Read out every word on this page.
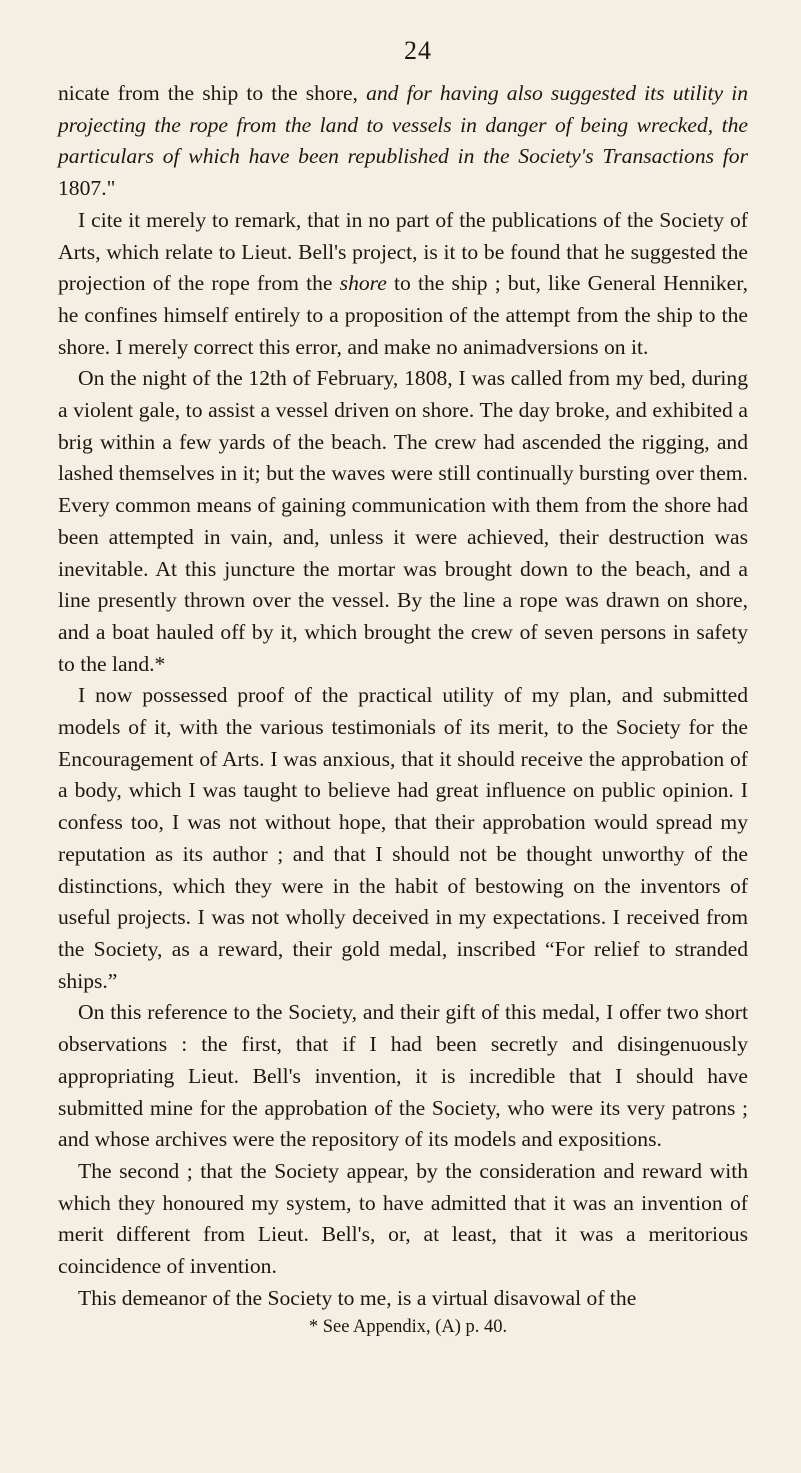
24

nicate from the ship to the shore, and for having also suggested its utility in projecting the rope from the land to vessels in danger of being wrecked, the particulars of which have been republished in the Society's Transactions for 1807."

I cite it merely to remark, that in no part of the publications of the Society of Arts, which relate to Lieut. Bell's project, is it to be found that he suggested the projection of the rope from the shore to the ship ; but, like General Henniker, he confines himself entirely to a proposition of the attempt from the ship to the shore. I merely correct this error, and make no animadversions on it.

On the night of the 12th of February, 1808, I was called from my bed, during a violent gale, to assist a vessel driven on shore. The day broke, and exhibited a brig within a few yards of the beach. The crew had ascended the rigging, and lashed themselves in it; but the waves were still continually bursting over them. Every common means of gaining communication with them from the shore had been attempted in vain, and, unless it were achieved, their destruction was inevitable. At this juncture the mortar was brought down to the beach, and a line presently thrown over the vessel. By the line a rope was drawn on shore, and a boat hauled off by it, which brought the crew of seven persons in safety to the land.*

I now possessed proof of the practical utility of my plan, and submitted models of it, with the various testimonials of its merit, to the Society for the Encouragement of Arts. I was anxious, that it should receive the approbation of a body, which I was taught to believe had great influence on public opinion. I confess too, I was not without hope, that their approbation would spread my reputation as its author ; and that I should not be thought unworthy of the distinctions, which they were in the habit of bestowing on the inventors of useful projects. I was not wholly deceived in my expectations. I received from the Society, as a reward, their gold medal, inscribed “For relief to stranded ships.”

On this reference to the Society, and their gift of this medal, I offer two short observations : the first, that if I had been secretly and disingenuously appropriating Lieut. Bell's invention, it is incredible that I should have submitted mine for the approbation of the Society, who were its very patrons ; and whose archives were the repository of its models and expositions.

The second ; that the Society appear, by the consideration and reward with which they honoured my system, to have admitted that it was an invention of merit different from Lieut. Bell's, or, at least, that it was a meritorious coincidence of invention.

This demeanor of the Society to me, is a virtual disavowal of the

* See Appendix, (A) p. 40.
